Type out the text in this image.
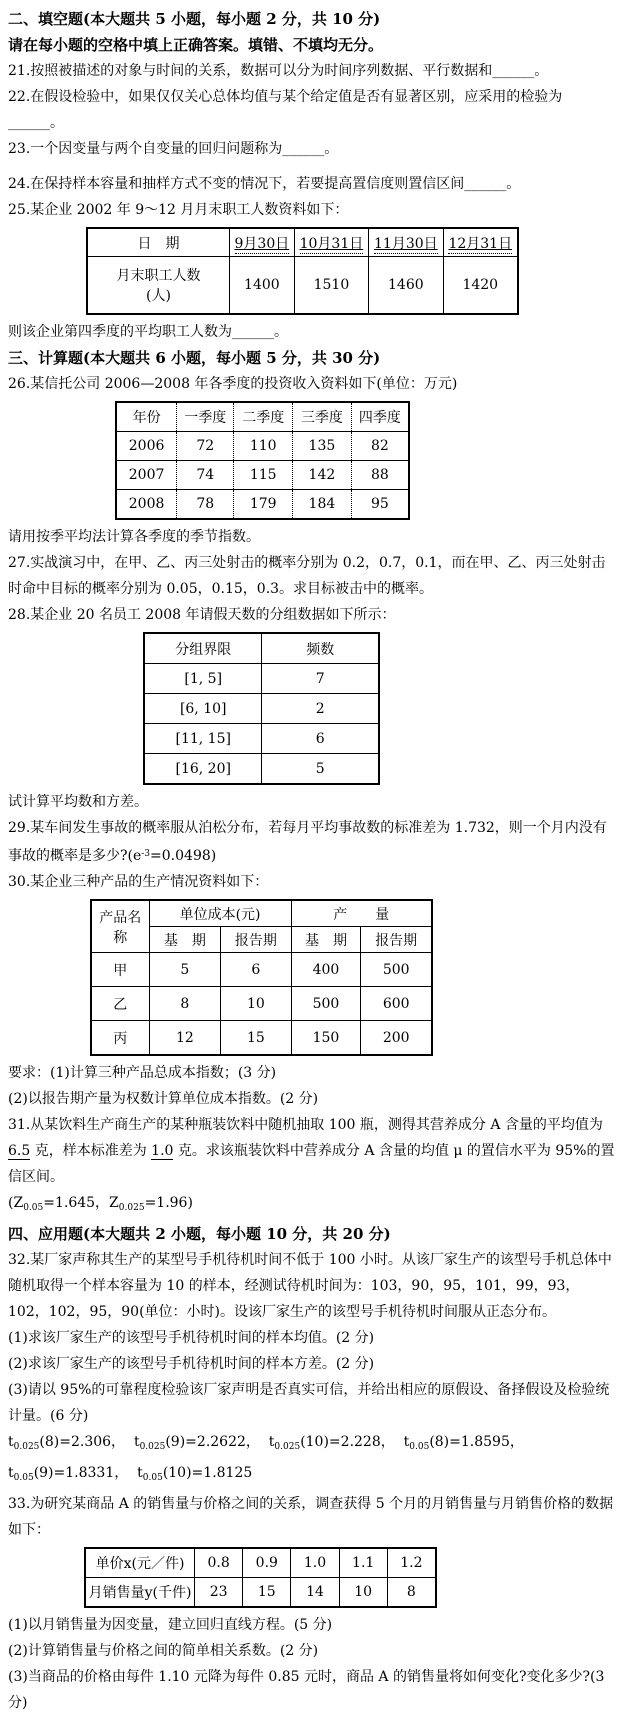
二、填空题(本大题共 5 小题，每小题 2 分，共 10 分)

请在每小题的空格中填上正确答案。填错、不填均无分。

21.按照被描述的对象与时间的关系，数据可以分为时间序列数据、平行数据和______。

22.在假设检验中，如果仅仅关心总体均值与某个给定值是否有显著区别，应采用的检验为______。

23.一个因变量与两个自变量的回归问题称为______。

24.在保持样本容量和抽样方式不变的情况下，若要提高置信度则置信区间______。

25.某企业 2002 年 9～12 月月末职工人数资料如下：

日　期	9月30日	10月31日	11月30日	12月31日

月末职工人数
(人)	1400	1510	1460	1420

则该企业第四季度的平均职工人数为______。

三、计算题(本大题共 6 小题，每小题 5 分，共 30 分)

26.某信托公司 2006—2008 年各季度的投资收入资料如下(单位：万元)

年份	一季度	二季度	三季度	四季度
2006	72	110	135	82
2007	74	115	142	88
2008	78	179	184	95

请用按季平均法计算各季度的季节指数。

27.实战演习中，在甲、乙、丙三处射击的概率分别为 0.2，0.7，0.1，而在甲、乙、丙三处射击时命中目标的概率分别为 0.05，0.15，0.3。求目标被击中的概率。

28.某企业 20 名员工 2008 年请假天数的分组数据如下所示：

分组界限	频数
[1, 5]	7
[6, 10]	2
[11, 15]	6
[16, 20]	5

试计算平均数和方差。

29.某车间发生事故的概率服从泊松分布，若每月平均事故数的标准差为 1.732，则一个月内没有事故的概率是多少$?(e^{-3}=0.0498)$

30.某企业三种产品的生产情况资料如下：

产品名称	单位成本(元)		产　　量	
	基　期	报告期	基　期	报告期
甲	5	6	400	500
乙	8	10	500	600
丙	12	15	150	200

要求：(1)计算三种产品总成本指数；(3 分)

(2)以报告期产量为权数计算单位成本指数。(2 分)

31.从某饮料生产商生产的某种瓶装饮料中随机抽取 100 瓶，测得其营养成分 A 含量的平均值为 6.5 克，样本标准差为 1.0 克。求该瓶装饮料中营养成分 A 含量的均值 μ 的置信水平为 95%的置信区间。

($Z_{0.05}=1.645$，$Z_{0.025}=1.96$)

四、应用题(本大题共 2 小题，每小题 10 分，共 20 分)

32.某厂家声称其生产的某型号手机待机时间不低于 100 小时。从该厂家生产的该型号手机总体中随机取得一个样本容量为 10 的样本，经测试待机时间为：103，90，95，101，99，93，102，102，95，90(单位：小时)。设该厂家生产的该型号手机待机时间服从正态分布。

(1)求该厂家生产的该型号手机待机时间的样本均值。(2 分)

(2)求该厂家生产的该型号手机待机时间的样本方差。(2 分)

(3)请以 95%的可靠程度检验该厂家声明是否真实可信，并给出相应的原假设、备择假设及检验统计量。(6 分)

$t_{0.025}(8)=2.306$，  $t_{0.025}(9)=2.2622$，  $t_{0.025}(10)=2.228$，  $t_{0.05}(8)=1.8595$，

$t_{0.05}(9)=1.8331$，  $t_{0.05}(10)=1.8125$

33.为研究某商品 A 的销售量与价格之间的关系，调查获得 5 个月的月销售量与月销售价格的数据如下：

单价x(元／件)	0.8	0.9	1.0	1.1	1.2
月销售量y(千件)	23	15	14	10	8

(1)以月销售量为因变量，建立回归直线方程。(5 分)

(2)计算销售量与价格之间的简单相关系数。(2 分)

(3)当商品的价格由每件 1.10 元降为每件 0.85 元时，商品 A 的销售量将如何变化?变化多少?(3 分)
